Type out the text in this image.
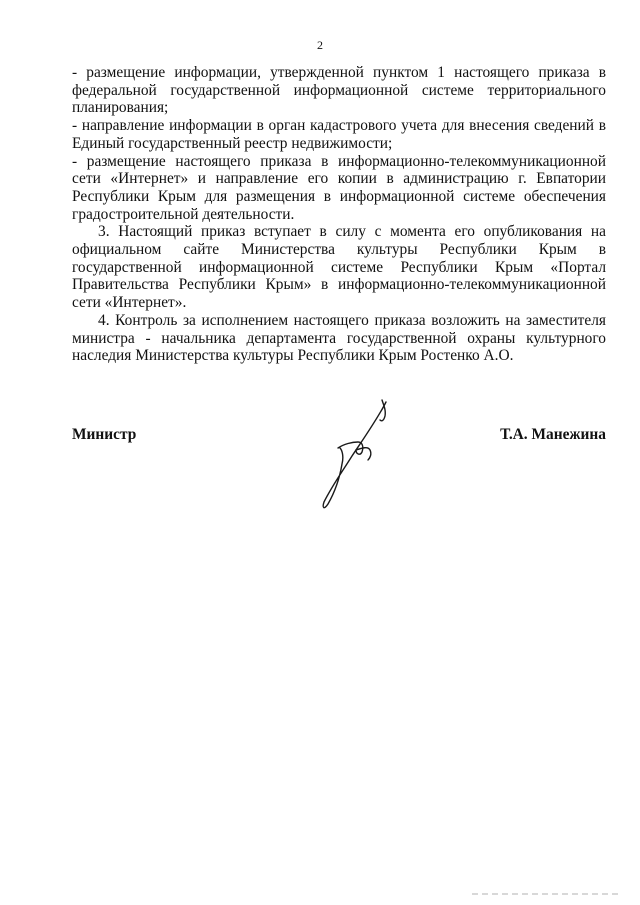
2

- размещение информации, утвержденной пунктом 1 настоящего приказа в федеральной государственной информационной системе территориального планирования;

- направление информации в орган кадастрового учета для внесения сведений в Единый государственный реестр недвижимости;

- размещение настоящего приказа в информационно-телекоммуникационной сети «Интернет» и направление его копии в администрацию г. Евпатории Республики Крым для размещения в информационной системе обеспечения градостроительной деятельности.

3. Настоящий приказ вступает в силу с момента его опубликования на официальном сайте Министерства культуры Республики Крым в государственной информационной системе Республики Крым «Портал Правительства Республики Крым» в информационно-телекоммуникационной сети «Интернет».

4. Контроль за исполнением настоящего приказа возложить на заместителя министра - начальника департамента государственной охраны культурного наследия Министерства культуры Республики Крым Ростенко А.О.

Министр	Т.А. Манежина
